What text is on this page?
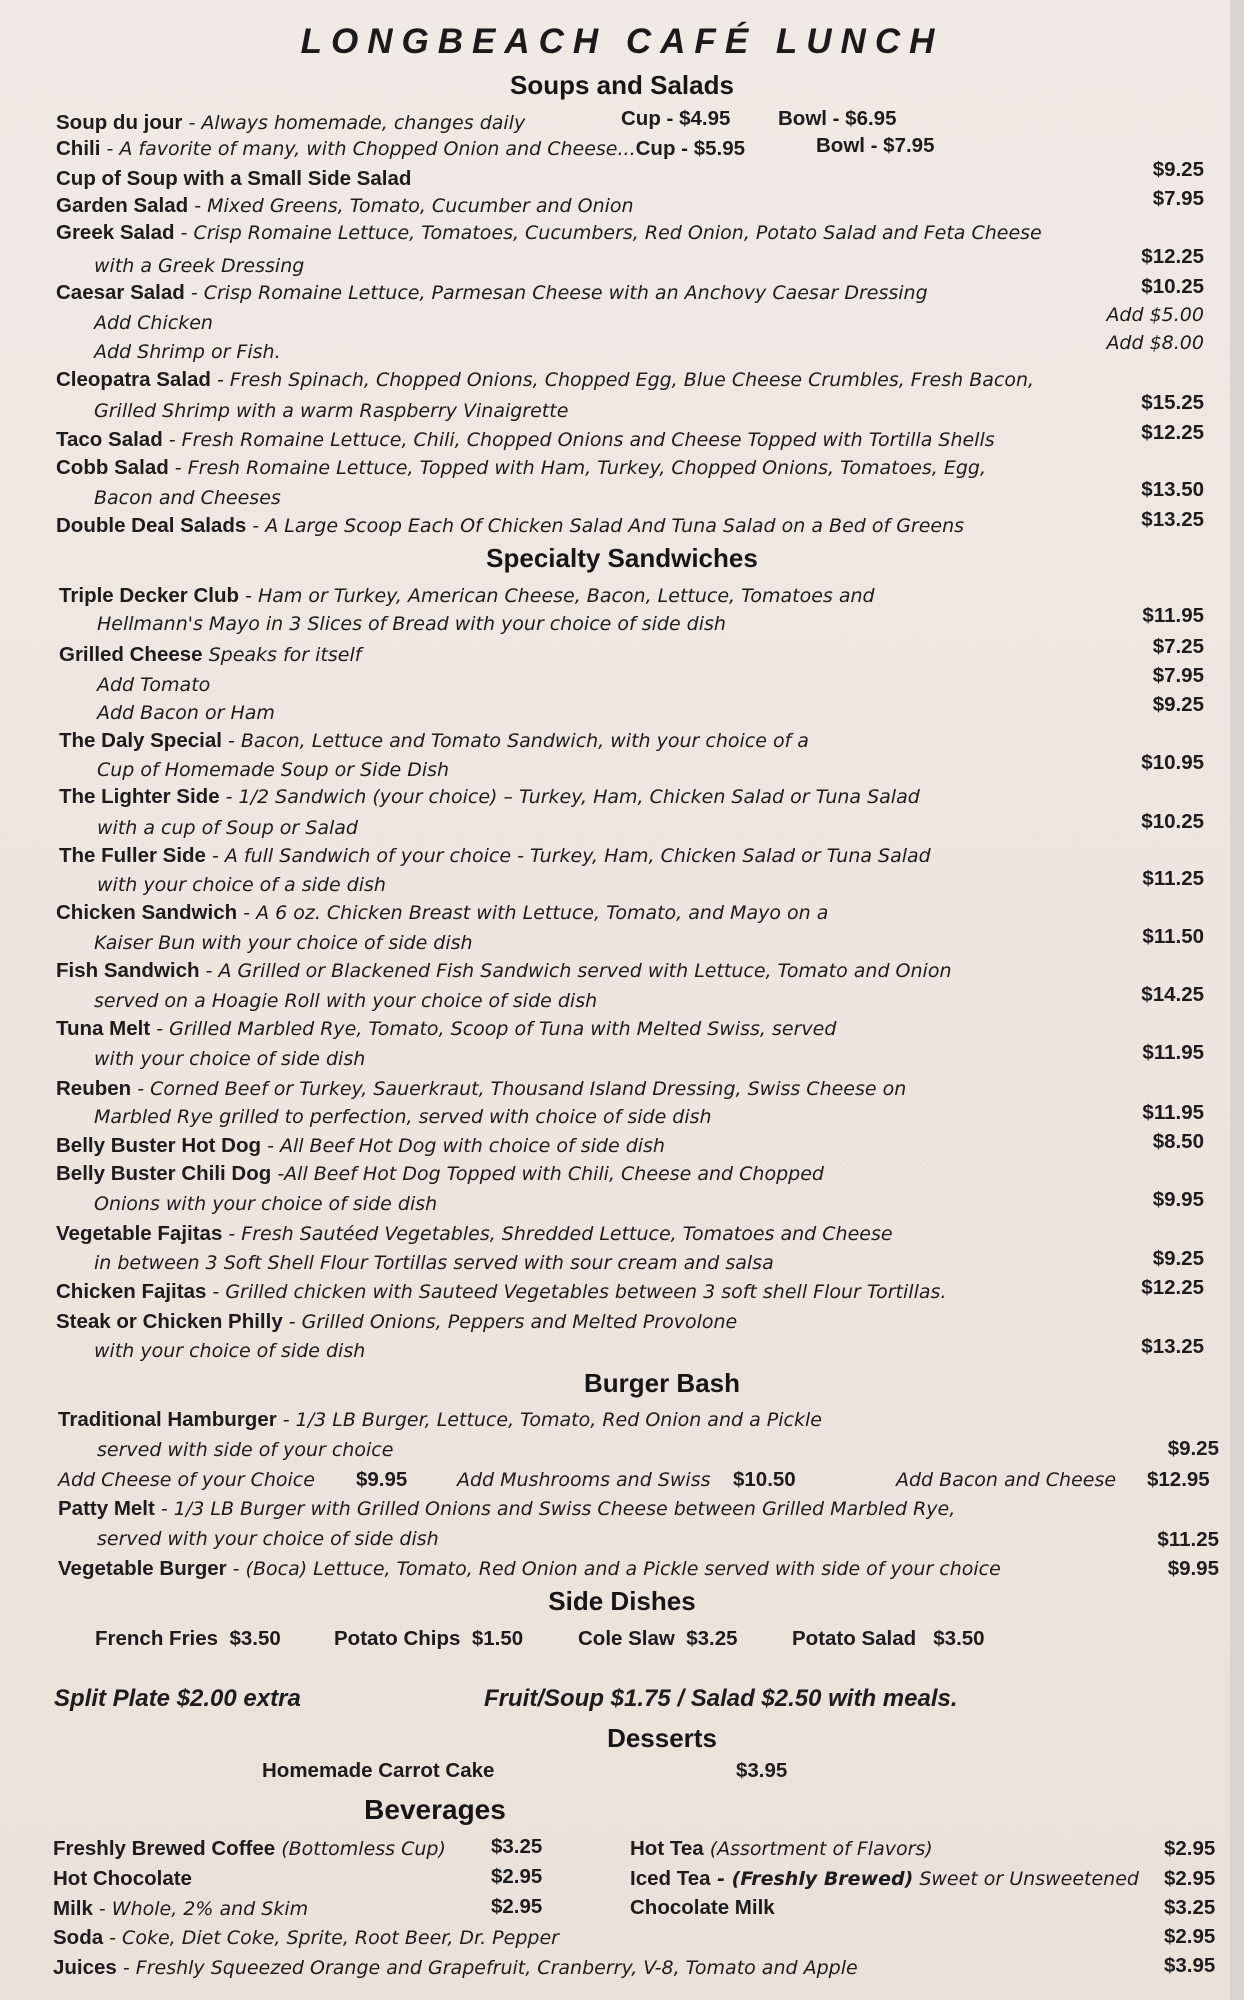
LONGBEACH CAFÉ LUNCH
Soups and Salads
Soup du jour - Always homemade, changes daily	Cup - $4.95 Bowl - $6.95
Chili - A favorite of many, with Chopped Onion and Cheese...Cup - $5.95	Bowl - $7.95
Cup of Soup with a Small Side Salad	$9.25
Garden Salad - Mixed Greens, Tomato, Cucumber and Onion	$7.95
Greek Salad - Crisp Romaine Lettuce, Tomatoes, Cucumbers, Red Onion, Potato Salad and Feta Cheese
with a Greek Dressing	$12.25
Caesar Salad - Crisp Romaine Lettuce, Parmesan Cheese with an Anchovy Caesar Dressing	$10.25
Add Chicken	Add $5.00
Add Shrimp or Fish.	Add $8.00
Cleopatra Salad - Fresh Spinach, Chopped Onions, Chopped Egg, Blue Cheese Crumbles, Fresh Bacon,
Grilled Shrimp with a warm Raspberry Vinaigrette	$15.25
Taco Salad - Fresh Romaine Lettuce, Chili, Chopped Onions and Cheese Topped with Tortilla Shells	$12.25
Cobb Salad - Fresh Romaine Lettuce, Topped with Ham, Turkey, Chopped Onions, Tomatoes, Egg,
Bacon and Cheeses	$13.50
Double Deal Salads - A Large Scoop Each Of Chicken Salad And Tuna Salad on a Bed of Greens	$13.25
Specialty Sandwiches
Triple Decker Club - Ham or Turkey, American Cheese, Bacon, Lettuce, Tomatoes and
Hellmann's Mayo in 3 Slices of Bread with your choice of side dish	$11.95
Grilled Cheese Speaks for itself	$7.25
Add Tomato	$7.95
Add Bacon or Ham	$9.25
The Daly Special - Bacon, Lettuce and Tomato Sandwich, with your choice of a
Cup of Homemade Soup or Side Dish	$10.95
The Lighter Side - 1/2 Sandwich (your choice) – Turkey, Ham, Chicken Salad or Tuna Salad
with a cup of Soup or Salad	$10.25
The Fuller Side - A full Sandwich of your choice - Turkey, Ham, Chicken Salad or Tuna Salad
with your choice of a side dish	$11.25
Chicken Sandwich - A 6 oz. Chicken Breast with Lettuce, Tomato, and Mayo on a
Kaiser Bun with your choice of side dish	$11.50
Fish Sandwich - A Grilled or Blackened Fish Sandwich served with Lettuce, Tomato and Onion
served on a Hoagie Roll with your choice of side dish	$14.25
Tuna Melt - Grilled Marbled Rye, Tomato, Scoop of Tuna with Melted Swiss, served
with your choice of side dish	$11.95
Reuben - Corned Beef or Turkey, Sauerkraut, Thousand Island Dressing, Swiss Cheese on
Marbled Rye grilled to perfection, served with choice of side dish	$11.95
Belly Buster Hot Dog - All Beef Hot Dog with choice of side dish	$8.50
Belly Buster Chili Dog -All Beef Hot Dog Topped with Chili, Cheese and Chopped
Onions with your choice of side dish	$9.95
Vegetable Fajitas - Fresh Sautéed Vegetables, Shredded Lettuce, Tomatoes and Cheese
in between 3 Soft Shell Flour Tortillas served with sour cream and salsa	$9.25
Chicken Fajitas - Grilled chicken with Sauteed Vegetables between 3 soft shell Flour Tortillas.	$12.25
Steak or Chicken Philly - Grilled Onions, Peppers and Melted Provolone
with your choice of side dish	$13.25
Burger Bash
Traditional Hamburger - 1/3 LB Burger, Lettuce, Tomato, Red Onion and a Pickle
served with side of your choice	$9.25
Add Cheese of your Choice $9.95	Add Mushrooms and Swiss $10.50	Add Bacon and Cheese $12.95
Patty Melt - 1/3 LB Burger with Grilled Onions and Swiss Cheese between Grilled Marbled Rye,
served with your choice of side dish	$11.25
Vegetable Burger - (Boca) Lettuce, Tomato, Red Onion and a Pickle served with side of your choice	$9.95
Side Dishes
French Fries $3.50	Potato Chips $1.50	Cole Slaw $3.25	Potato Salad $3.50
Split Plate $2.00 extra	Fruit/Soup $1.75 / Salad $2.50 with meals.
Desserts
Homemade Carrot Cake	$3.95
Beverages
Freshly Brewed Coffee (Bottomless Cup) $3.25	Hot Tea (Assortment of Flavors)	$2.95
Hot Chocolate	$2.95	Iced Tea - (Freshly Brewed) Sweet or Unsweetened $2.95
Milk - Whole, 2% and Skim	$2.95	Chocolate Milk	$3.25
Soda - Coke, Diet Coke, Sprite, Root Beer, Dr. Pepper	$2.95
Juices - Freshly Squeezed Orange and Grapefruit, Cranberry, V-8, Tomato and Apple	$3.95
